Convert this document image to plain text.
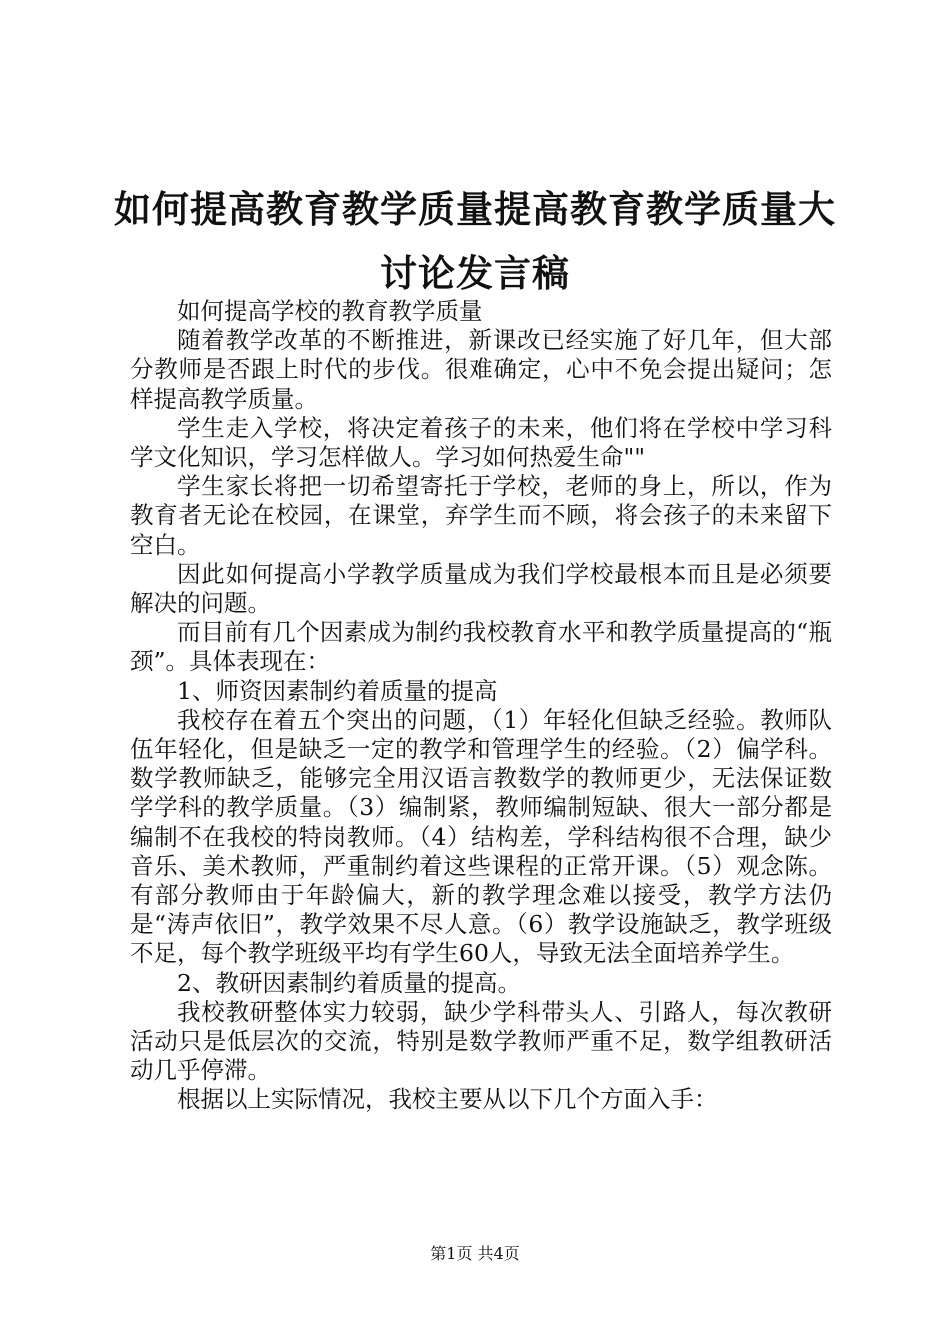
如何提高教育教学质量提高教育教学质量大讨论发言稿

如何提高学校的教育教学质量

随着教学改革的不断推进，新课改已经实施了好几年，但大部分教师是否跟上时代的步伐。很难确定，心中不免会提出疑问；怎样提高教学质量。

学生走入学校，将决定着孩子的未来，他们将在学校中学习科学文化知识，学习怎样做人。学习如何热爱生命""

学生家长将把一切希望寄托于学校，老师的身上，所以，作为教育者无论在校园，在课堂，弃学生而不顾，将会孩子的未来留下空白。

因此如何提高小学教学质量成为我们学校最根本而且是必须要解决的问题。

而目前有几个因素成为制约我校教育水平和教学质量提高的“瓶颈”。具体表现在：

1、师资因素制约着质量的提高

我校存在着五个突出的问题，（1）年轻化但缺乏经验。教师队伍年轻化，但是缺乏一定的教学和管理学生的经验。（2）偏学科。数学教师缺乏，能够完全用汉语言教数学的教师更少，无法保证数学学科的教学质量。（3）编制紧，教师编制短缺、很大一部分都是编制不在我校的特岗教师。（4）结构差，学科结构很不合理，缺少音乐、美术教师，严重制约着这些课程的正常开课。（5）观念陈。有部分教师由于年龄偏大，新的教学理念难以接受，教学方法仍是“涛声依旧”，教学效果不尽人意。（6）教学设施缺乏，教学班级不足，每个教学班级平均有学生60人，导致无法全面培养学生。

2、教研因素制约着质量的提高。

我校教研整体实力较弱，缺少学科带头人、引路人，每次教研活动只是低层次的交流，特别是数学教师严重不足，数学组教研活动几乎停滞。

根据以上实际情况，我校主要从以下几个方面入手：

第1页 共4页
